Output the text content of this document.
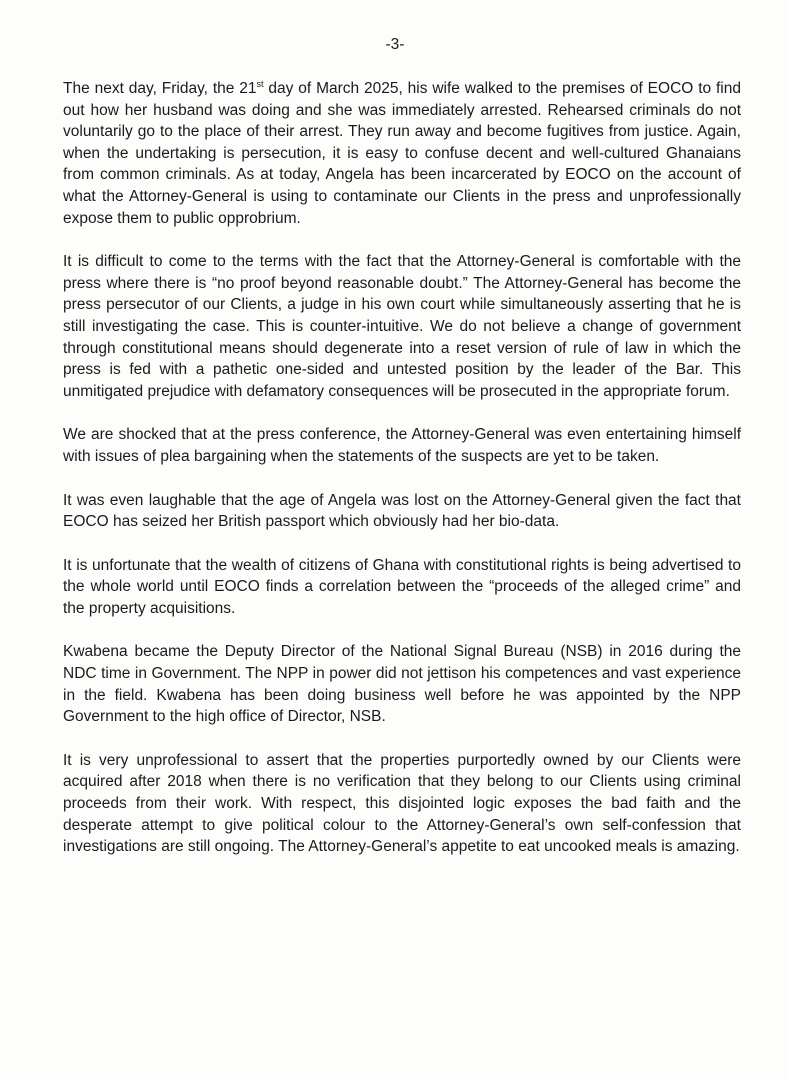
-3-

The next day, Friday, the 21st day of March 2025, his wife walked to the premises of EOCO to find out how her husband was doing and she was immediately arrested. Rehearsed criminals do not voluntarily go to the place of their arrest. They run away and become fugitives from justice. Again, when the undertaking is persecution, it is easy to confuse decent and well-cultured Ghanaians from common criminals. As at today, Angela has been incarcerated by EOCO on the account of what the Attorney-General is using to contaminate our Clients in the press and unprofessionally expose them to public opprobrium.

It is difficult to come to the terms with the fact that the Attorney-General is comfortable with the press where there is “no proof beyond reasonable doubt.” The Attorney-General has become the press persecutor of our Clients, a judge in his own court while simultaneously asserting that he is still investigating the case. This is counter-intuitive. We do not believe a change of government through constitutional means should degenerate into a reset version of rule of law in which the press is fed with a pathetic one-sided and untested position by the leader of the Bar. This unmitigated prejudice with defamatory consequences will be prosecuted in the appropriate forum.

We are shocked that at the press conference, the Attorney-General was even entertaining himself with issues of plea bargaining when the statements of the suspects are yet to be taken.

It was even laughable that the age of Angela was lost on the Attorney-General given the fact that EOCO has seized her British passport which obviously had her bio-data.

It is unfortunate that the wealth of citizens of Ghana with constitutional rights is being advertised to the whole world until EOCO finds a correlation between the “proceeds of the alleged crime” and the property acquisitions.

Kwabena became the Deputy Director of the National Signal Bureau (NSB) in 2016 during the NDC time in Government. The NPP in power did not jettison his competences and vast experience in the field. Kwabena has been doing business well before he was appointed by the NPP Government to the high office of Director, NSB.

It is very unprofessional to assert that the properties purportedly owned by our Clients were acquired after 2018 when there is no verification that they belong to our Clients using criminal proceeds from their work. With respect, this disjointed logic exposes the bad faith and the desperate attempt to give political colour to the Attorney-General’s own self-confession that investigations are still ongoing. The Attorney-General’s appetite to eat uncooked meals is amazing.
